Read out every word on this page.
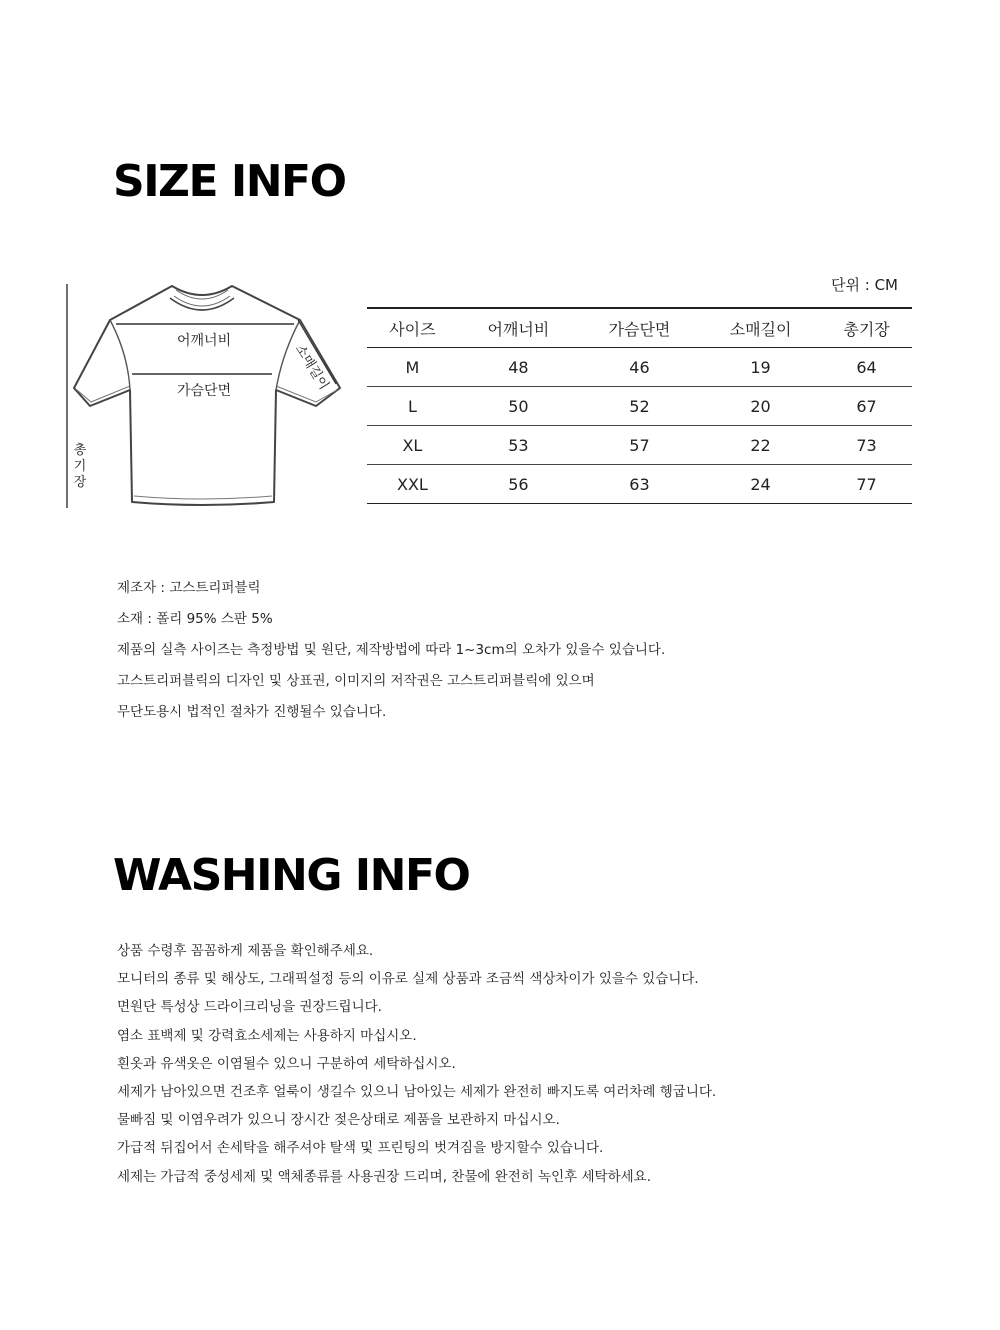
SIZE INFO
어깨너비
가슴단면	소매길이
총기장
단위 : CM
사이즈	어깨너비	가슴단면	소매길이	총기장
M	48	46	19	64
L	50	52	20	67
XL	53	57	22	73
XXL	56	63	24	77
제조자 : 고스트리퍼블릭
소재 : 폴리 95% 스판 5%
제품의 실측 사이즈는 측정방법 및 원단, 제작방법에 따라 1~3cm의 오차가 있을수 있습니다.
고스트리퍼블릭의 디자인 및 상표권, 이미지의 저작권은 고스트리퍼블릭에 있으며
무단도용시 법적인 절차가 진행될수 있습니다.
WASHING INFO
상품 수령후 꼼꼼하게 제품을 확인해주세요.
모니터의 종류 및 해상도, 그래픽설정 등의 이유로 실제 상품과 조금씩 색상차이가 있을수 있습니다.
면원단 특성상 드라이크리닝을 권장드립니다.
염소 표백제 및 강력효소세제는 사용하지 마십시오.
흰옷과 유색옷은 이염될수 있으니 구분하여 세탁하십시오.
세제가 남아있으면 건조후 얼룩이 생길수 있으니 남아있는 세제가 완전히 빠지도록 여러차례 헹굽니다.
물빠짐 및 이염우려가 있으니 장시간 젖은상태로 제품을 보관하지 마십시오.
가급적 뒤집어서 손세탁을 해주셔야 탈색 및 프린팅의 벗겨짐을 방지할수 있습니다.
세제는 가급적 중성세제 및 액체종류를 사용권장 드리며, 찬물에 완전히 녹인후 세탁하세요.
